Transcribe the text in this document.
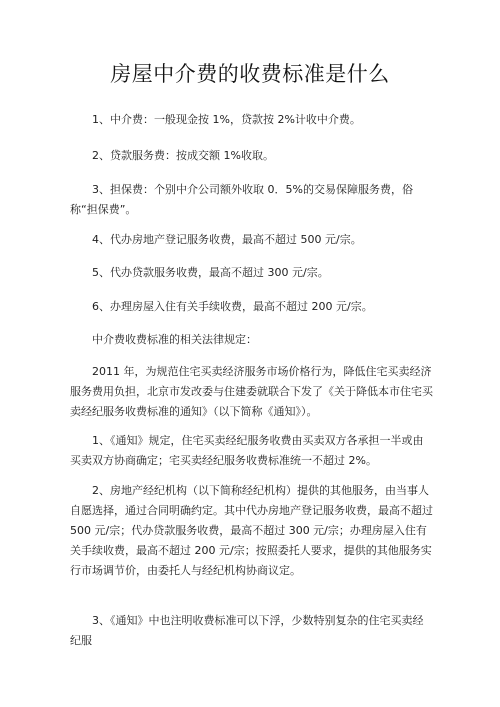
房屋中介费的收费标准是什么

1、中介费：一般现金按 1%，贷款按 2%计收中介费。

2、贷款服务费：按成交额 1%收取。

3、担保费：个别中介公司额外收取 0．5%的交易保障服务费，俗称“担保费”。

4、代办房地产登记服务收费，最高不超过 500 元/宗。

5、代办贷款服务收费，最高不超过 300 元/宗。

6、办理房屋入住有关手续收费，最高不超过 200 元/宗。

中介费收费标准的相关法律规定：

2011 年，为规范住宅买卖经济服务市场价格行为，降低住宅买卖经济服务费用负担，北京市发改委与住建委就联合下发了《关于降低本市住宅买卖经纪服务收费标准的通知》（以下简称《通知》）。

1、《通知》规定，住宅买卖经纪服务收费由买卖双方各承担一半或由买卖双方协商确定；宅买卖经纪服务收费标准统一不超过 2%。

2、房地产经纪机构（以下简称经纪机构）提供的其他服务，由当事人自愿选择，通过合同明确约定。其中代办房地产登记服务收费，最高不超过 500 元/宗；代办贷款服务收费，最高不超过 300 元/宗；办理房屋入住有关手续收费，最高不超过 200 元/宗；按照委托人要求，提供的其他服务实行市场调节价，由委托人与经纪机构协商议定。

3、《通知》中也注明收费标准可以下浮，少数特别复杂的住宅买卖经纪服
